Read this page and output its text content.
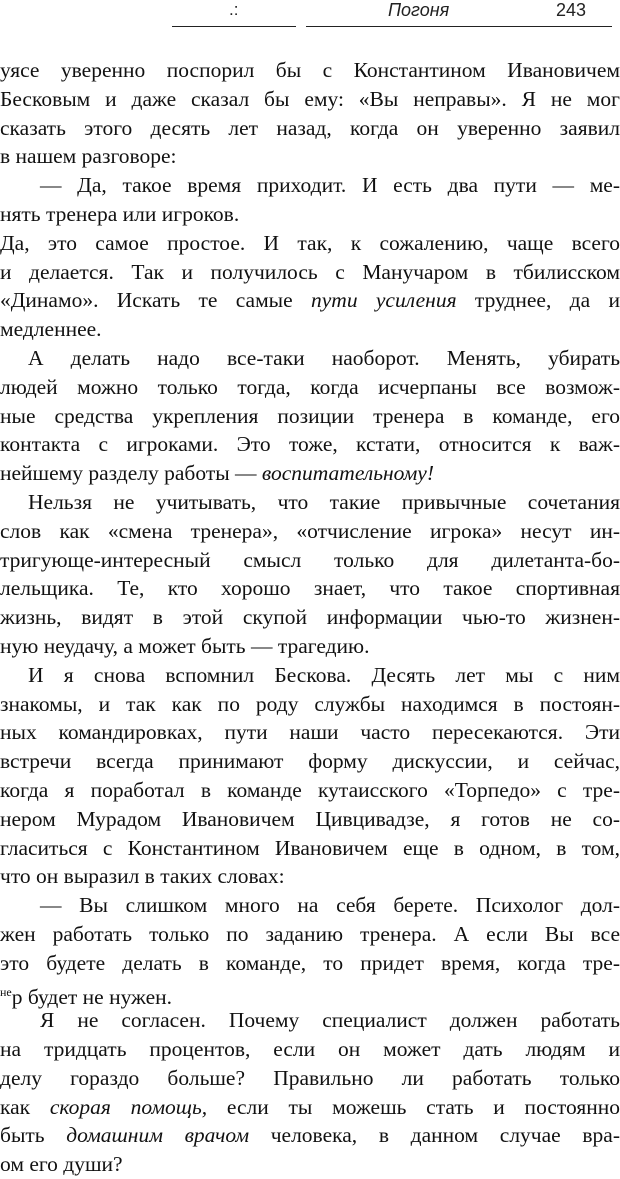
.:	Погоня	243
уясе уверенно поспорил бы с Константином Ивановичем
Бесковым и даже сказал бы ему: «Вы неправы». Я не мог
сказать этого десять лет назад, когда он уверенно заявил
в нашем разговоре:
— Да, такое время приходит. И есть два пути — ме-
нять тренера или игроков.
Да, это самое простое. И так, к сожалению, чаще всего
и делается. Так и получилось с Манучаром в тбилисском
«Динамо». Искать те самые пути усиления труднее, да и
медленнее.
А делать надо все-таки наоборот. Менять, убирать
людей можно только тогда, когда исчерпаны все возмож-
ные средства укрепления позиции тренера в команде, его
контакта с игроками. Это тоже, кстати, относится к важ-
нейшему разделу работы — воспитательному!
Нельзя не учитывать, что такие привычные сочетания
слов как «смена тренера», «отчисление игрока» несут ин-
тригующе-интересный смысл только для дилетанта-бо-
лельщика. Те, кто хорошо знает, что такое спортивная
жизнь, видят в этой скупой информации чью-то жизнен-
ную неудачу, а может быть — трагедию.
И я снова вспомнил Бескова. Десять лет мы с ним
знакомы, и так как по роду службы находимся в постоян-
ных командировках, пути наши часто пересекаются. Эти
встречи всегда принимают форму дискуссии, и сейчас,
когда я поработал в команде кутаисского «Торпедо» с тре-
нером Мурадом Ивановичем Цивцивадзе, я готов не со-
гласиться с Константином Ивановичем еще в одном, в том,
что он выразил в таких словах:
— Вы слишком много на себя берете. Психолог дол-
жен работать только по заданию тренера. А если Вы все
это будете делать в команде, то придет время, когда тре-
$^{не}$р будет не нужен.
Я не согласен. Почему специалист должен работать
на тридцать процентов, если он может дать людям и
делу гораздо больше? Правильно ли работать только
как скорая помощь, если ты можешь стать и постоянно
быть домашним врачом человека, в данном случае вра-
ом его души?
